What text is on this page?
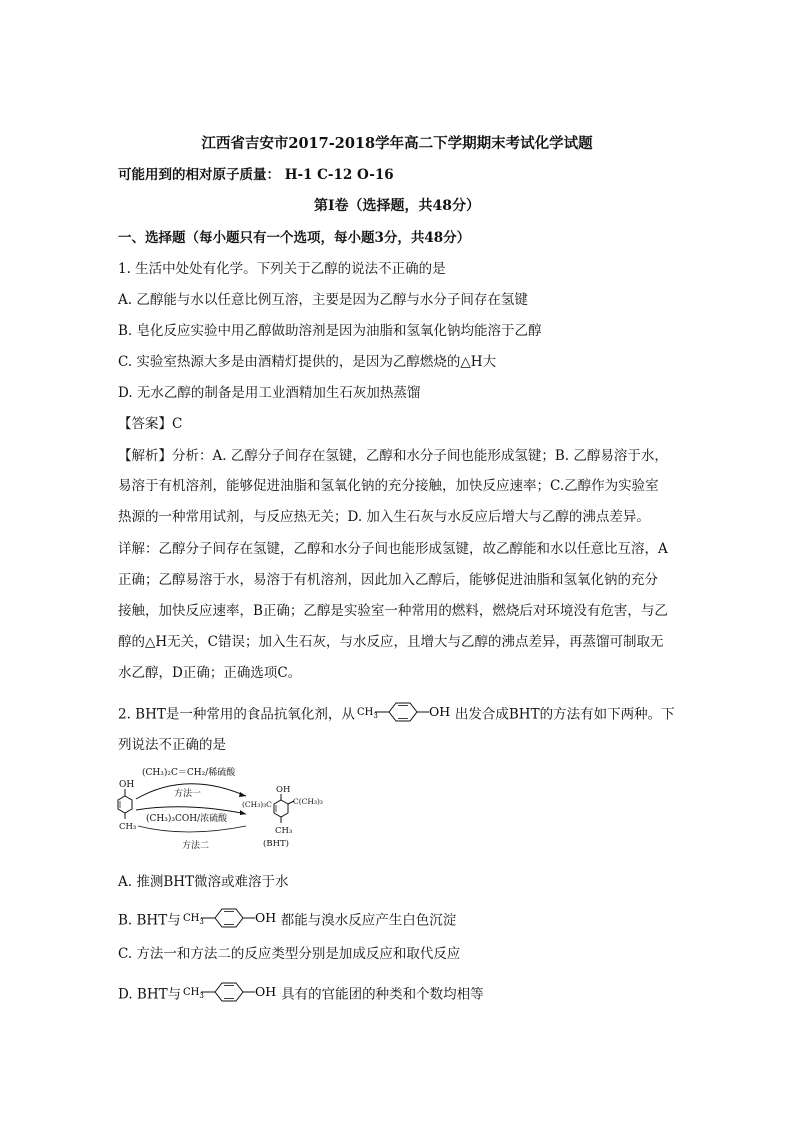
江西省吉安市2017-2018学年高二下学期期末考试化学试题
可能用到的相对原子质量： H-1 C-12 O-16
第Ⅰ卷（选择题，共48分）
一、选择题（每小题只有一个选项，每小题3分，共48分）
1. 生活中处处有化学。下列关于乙醇的说法不正确的是
A. 乙醇能与水以任意比例互溶，主要是因为乙醇与水分子间存在氢键
B. 皂化反应实验中用乙醇做助溶剂是因为油脂和氢氧化钠均能溶于乙醇
C. 实验室热源大多是由酒精灯提供的，是因为乙醇燃烧的△H大
D. 无水乙醇的制备是用工业酒精加生石灰加热蒸馏
【答案】C
【解析】分析：A. 乙醇分子间存在氢键，乙醇和水分子间也能形成氢键；B. 乙醇易溶于水，
易溶于有机溶剂，能够促进油脂和氢氧化钠的充分接触，加快反应速率；C.乙醇作为实验室
热源的一种常用试剂，与反应热无关；D. 加入生石灰与水反应后增大与乙醇的沸点差异。
详解：乙醇分子间存在氢键，乙醇和水分子间也能形成氢键，故乙醇能和水以任意比互溶，A
正确；乙醇易溶于水，易溶于有机溶剂，因此加入乙醇后，能够促进油脂和氢氧化钠的充分
接触，加快反应速率，B正确；乙醇是实验室一种常用的燃料，燃烧后对环境没有危害，与乙
醇的△H无关，C错误；加入生石灰，与水反应，且增大与乙醇的沸点差异，再蒸馏可制取无
水乙醇，D正确；正确选项C。
2. BHT是一种常用的食品抗氧化剂，从 $CH_3$	OH 出发合成BHT的方法有如下两种。下
列说法不正确的是
OH
CH₃
(CH₃)₂C＝CH₂/稀硫酸
方法一
(CH₃)₃COH/浓硫酸
方法二
OH
(CH₃)₃C	C(CH₃)₃
CH₃
(BHT)
A. 推测BHT微溶或难溶于水
B. BHT与 $CH_3$	OH 都能与溴水反应产生白色沉淀
C. 方法一和方法二的反应类型分别是加成反应和取代反应
D. BHT与 $CH_3$	OH 具有的官能团的种类和个数均相等
